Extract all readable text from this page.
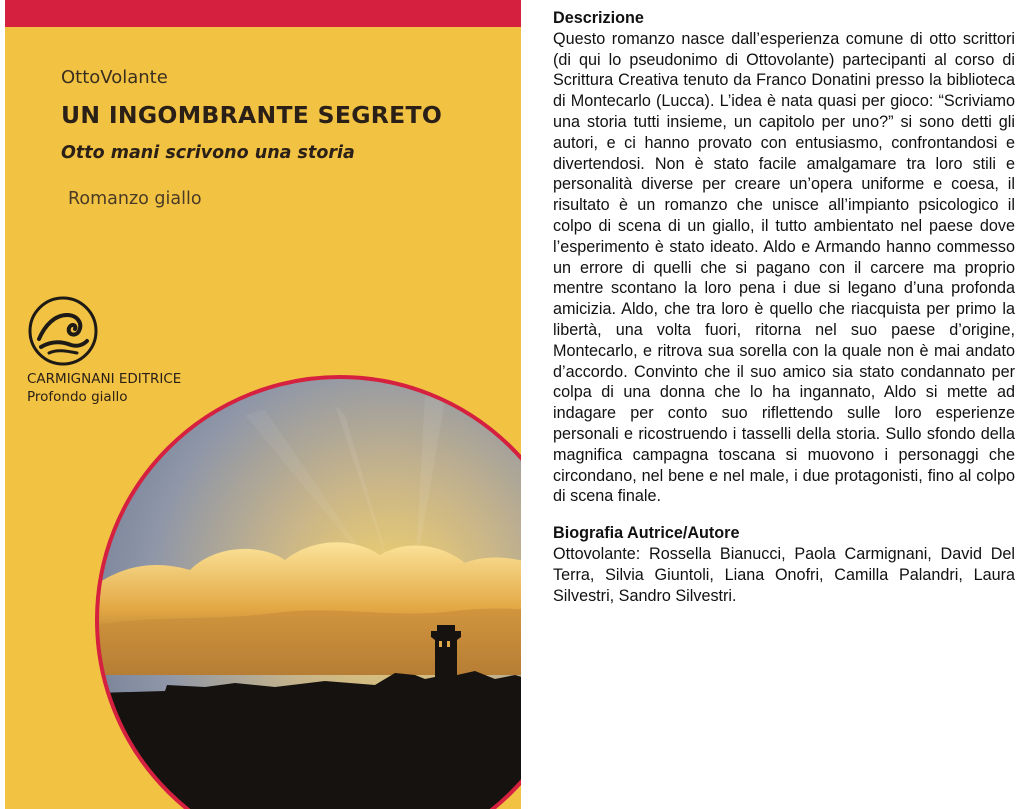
OttoVolante
UN INGOMBRANTE SEGRETO
Otto mani scrivono una storia
Romanzo giallo
CARMIGNANI EDITRICE
Profondo giallo

Descrizione

Questo romanzo nasce dall’esperienza comune di otto scrittori (di qui lo pseudonimo di Ottovolante) partecipanti al corso di Scrittura Creativa tenuto da Franco Donatini presso la biblioteca di Montecarlo (Lucca). L’idea è nata quasi per gioco: “Scriviamo una storia tutti insieme, un capitolo per uno?” si sono detti gli autori, e ci hanno provato con entusiasmo, confrontandosi e divertendosi. Non è stato facile amalgamare tra loro stili e personalità diverse per creare un’opera uniforme e coesa, il risultato è un romanzo che unisce all’impianto psicologico il colpo di scena di un giallo, il tutto ambientato nel paese dove l’esperimento è stato ideato. Aldo e Armando hanno commesso un errore di quelli che si pagano con il carcere ma proprio mentre scontano la loro pena i due si legano d’una profonda amicizia. Aldo, che tra loro è quello che riacquista per primo la libertà, una volta fuori, ritorna nel suo paese d’origine, Montecarlo, e ritrova sua sorella con la quale non è mai andato d’accordo. Convinto che il suo amico sia stato condannato per colpa di una donna che lo ha ingannato, Aldo si mette ad indagare per conto suo riflettendo sulle loro esperienze personali e ricostruendo i tasselli della storia. Sullo sfondo della magnifica campagna toscana si muovono i personaggi che circondano, nel bene e nel male, i due protagonisti, fino al colpo di scena finale.

Biografia Autrice/Autore

Ottovolante: Rossella Bianucci, Paola Carmignani, David Del Terra, Silvia Giuntoli, Liana Onofri, Camilla Palandri, Laura Silvestri, Sandro Silvestri.
